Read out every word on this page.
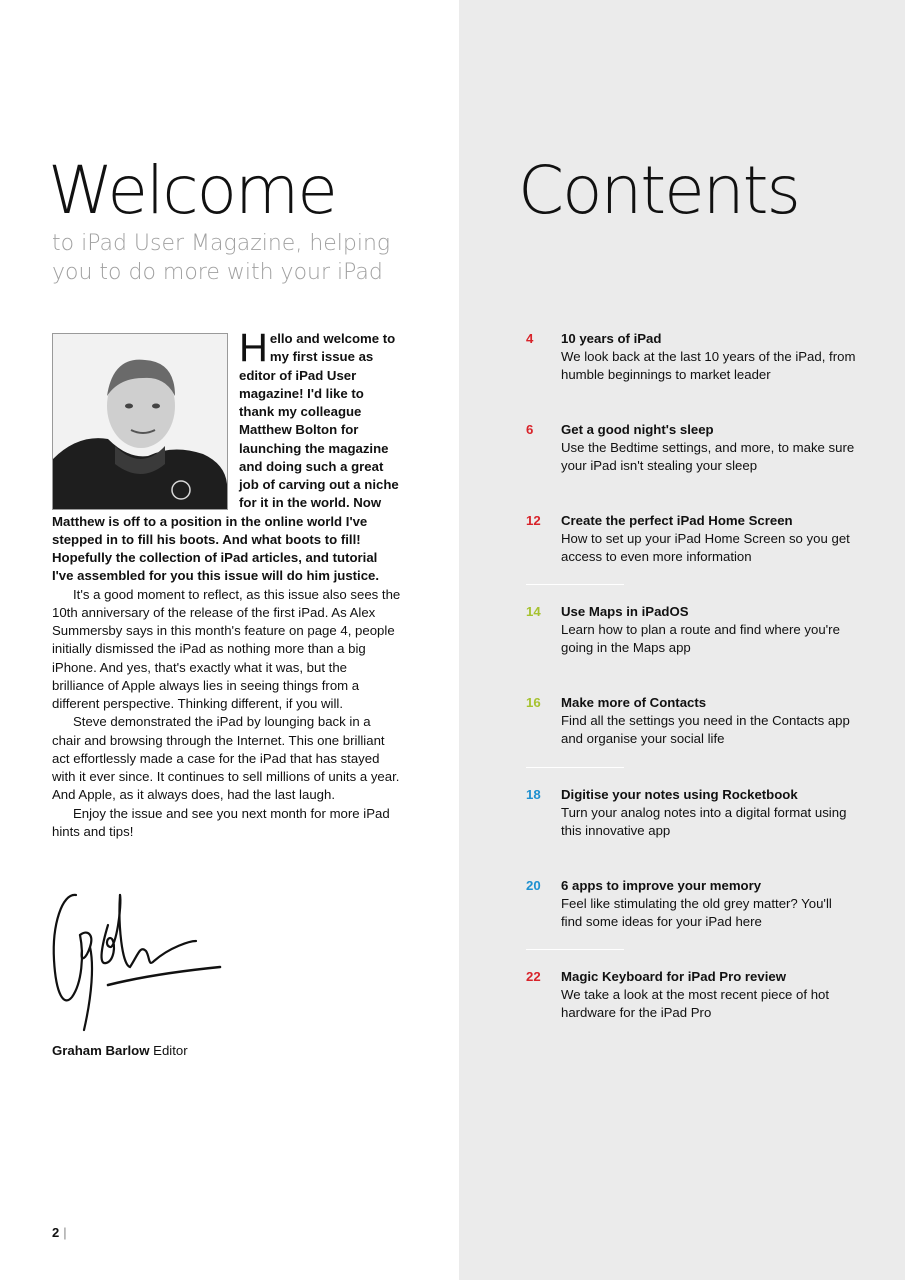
Welcome

to iPad User Magazine, helping you to do more with your iPad

H ello and welcome to my first issue as editor of iPad User magazine! I'd like to thank my colleague Matthew Bolton for launching the magazine and doing such a great job of carving out a niche for it in the world. Now Matthew is off to a position in the online world I've stepped in to fill his boots. And what boots to fill! Hopefully the collection of iPad articles, and tutorial I've assembled for you this issue will do him justice.

It's a good moment to reflect, as this issue also sees the 10th anniversary of the release of the first iPad. As Alex Summersby says in this month's feature on page 4, people initially dismissed the iPad as nothing more than a big iPhone. And yes, that's exactly what it was, but the brilliance of Apple always lies in seeing things from a different perspective. Thinking different, if you will.

Steve demonstrated the iPad by lounging back in a chair and browsing through the Internet. This one brilliant act effortlessly made a case for the iPad that has stayed with it ever since. It continues to sell millions of units a year. And Apple, as it always does, had the last laugh.

Enjoy the issue and see you next month for more iPad hints and tips!

Graham Barlow Editor

2 |

Contents
4 10 years of iPad
We look back at the last 10 years of the iPad, from humble beginnings to market leader
6 Get a good night's sleep
Use the Bedtime settings, and more, to make sure your iPad isn't stealing your sleep
12 Create the perfect iPad Home Screen
How to set up your iPad Home Screen so you get access to even more information
14 Use Maps in iPadOS
Learn how to plan a route and find where you're going in the Maps app
16 Make more of Contacts
Find all the settings you need in the Contacts app and organise your social life
18 Digitise your notes using Rocketbook
Turn your analog notes into a digital format using this innovative app
20 6 apps to improve your memory
Feel like stimulating the old grey matter? You'll find some ideas for your iPad here
22 Magic Keyboard for iPad Pro review
We take a look at the most recent piece of hot hardware for the iPad Pro
